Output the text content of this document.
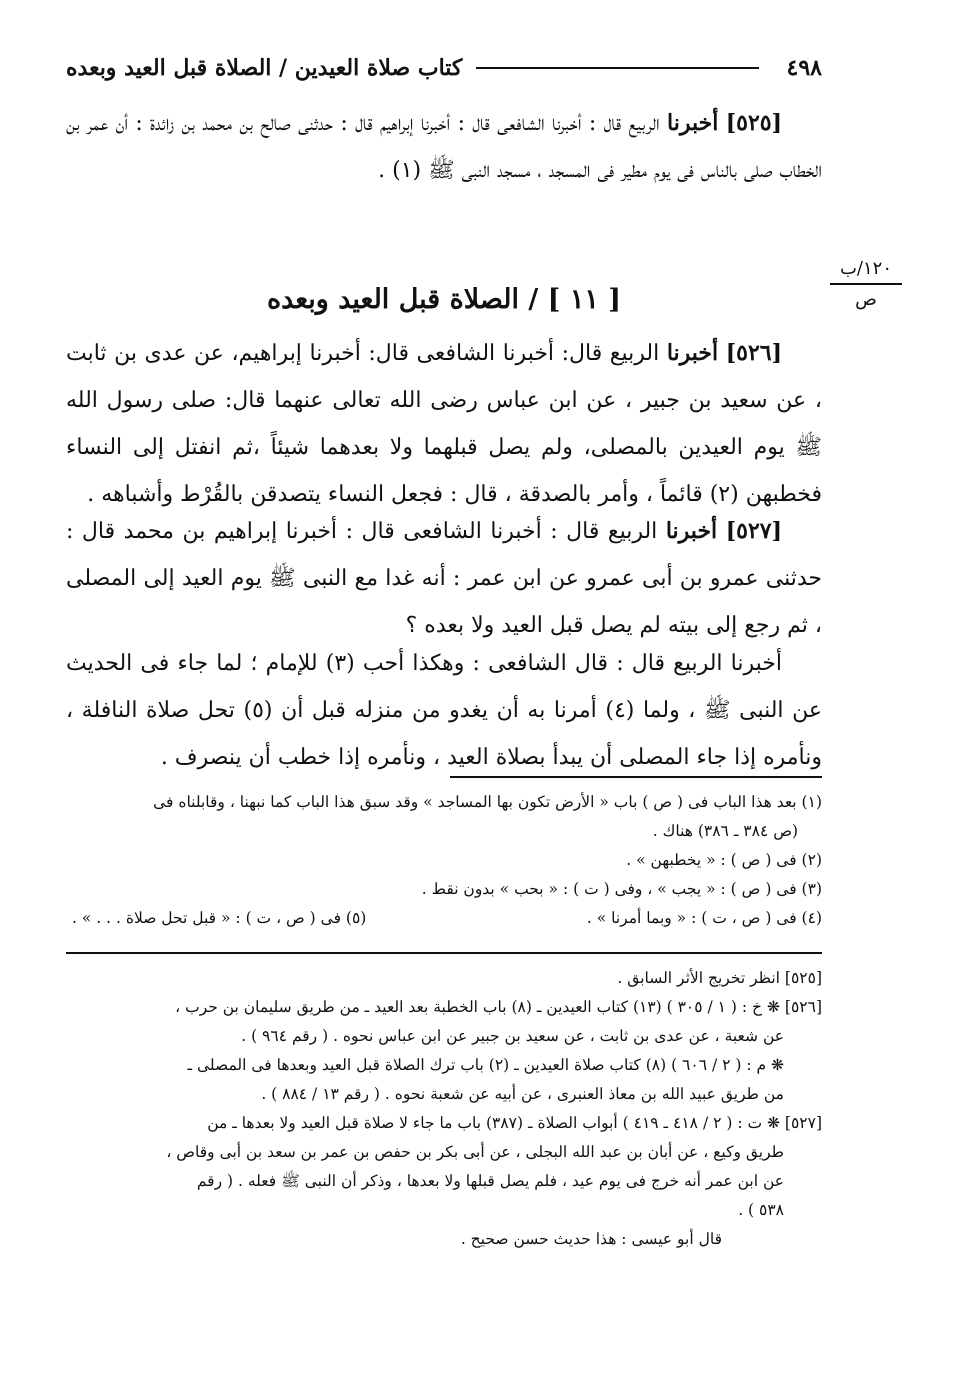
٤٩٨
كتاب صلاة العيدين / الصلاة قبل العيد وبعده

[٥٢٥] أخبرنا الربيع قال : أخبرنا الشافعى قال : أخبرنا إبراهيم قال : حدثنى صالح بن محمد بن زائدة : أن عمر بن الخطاب صلى بالناس فى يوم مطير فى المسجد ، مسجد النبى ﷺ (١) .

١٢٠/ب
ص
[ ١١ ] / الصلاة قبل العيد وبعده

[٥٢٦] أخبرنا الربيع قال: أخبرنا الشافعى قال: أخبرنا إبراهيم، عن عدى بن ثابت ، عن سعيد بن جبير ، عن ابن عباس رضى الله تعالى عنهما قال: صلى رسول الله ﷺ يوم العيدين بالمصلى، ولم يصل قبلهما ولا بعدهما شيئاً ،ثم انفتل إلى النساء فخطبهن (٢) قائماً ، وأمر بالصدقة ، قال : فجعل النساء يتصدقن بالقُرْط وأشباهه .

[٥٢٧] أخبرنا الربيع قال : أخبرنا الشافعى قال : أخبرنا إبراهيم بن محمد قال : حدثنى عمرو بن أبى عمرو عن ابن عمر : أنه غدا مع النبى ﷺ يوم العيد إلى المصلى ، ثم رجع إلى بيته لم يصل قبل العيد ولا بعده ؟

أخبرنا الربيع قال : قال الشافعى : وهكذا أحب (٣) للإمام ؛ لما جاء فى الحديث عن النبى ﷺ ، ولما (٤) أمرنا به أن يغدو من منزله قبل أن (٥) تحل صلاة النافلة ، ونأمره إذا جاء المصلى أن يبدأ بصلاة العيد ، ونأمره إذا خطب أن ينصرف .

(١) بعد هذا الباب فى ( ص ) باب « الأرض تكون بها المساجد » وقد سبق هذا الباب كما نبهنا ، وقابلناه فى

(ص ٣٨٤ ـ ٣٨٦) هناك .

(٢) فى ( ص ) : « يخطبهن » .

(٣) فى ( ص ) : « يجب » ، وفى ( ت ) : « بحب » بدون نقط .

(٤) فى ( ص ، ت ) : « وبما أمرنا » .
(٥) فى ( ص ، ت ) : « قبل تحل صلاة . . . » .

[٥٢٥] انظر تخريج الأثر السابق .

[٥٢٦] ❋ خ : ( ١ / ٣٠٥ ) (١٣) كتاب العيدين ـ (٨) باب الخطبة بعد العيد ـ من طريق سليمان بن حرب ،

عن شعبة ، عن عدى بن ثابت ، عن سعيد بن جبير عن ابن عباس نحوه . ( رقم ٩٦٤ ) .

❋ م : ( ٢ / ٦٠٦ ) (٨) كتاب صلاة العيدين ـ (٢) باب ترك الصلاة قبل العيد وبعدها فى المصلى ـ

من طريق عبيد الله بن معاذ العنبرى ، عن أبيه عن شعبة نحوه . ( رقم ١٣ / ٨٨٤ ) .

[٥٢٧] ❋ ت : ( ٢ / ٤١٨ ـ ٤١٩ ) أبواب الصلاة ـ (٣٨٧) باب ما جاء لا صلاة قبل العيد ولا بعدها ـ من

طريق وكيع ، عن أبان بن عبد الله البجلى ، عن أبى بكر بن حفص بن عمر بن سعد بن أبى وقاص ،

عن ابن عمر أنه خرج فى يوم عيد ، فلم يصل قبلها ولا بعدها ، وذكر أن النبى ﷺ فعله . ( رقم

٥٣٨ ) .

قال أبو عيسى : هذا حديث حسن صحيح .
